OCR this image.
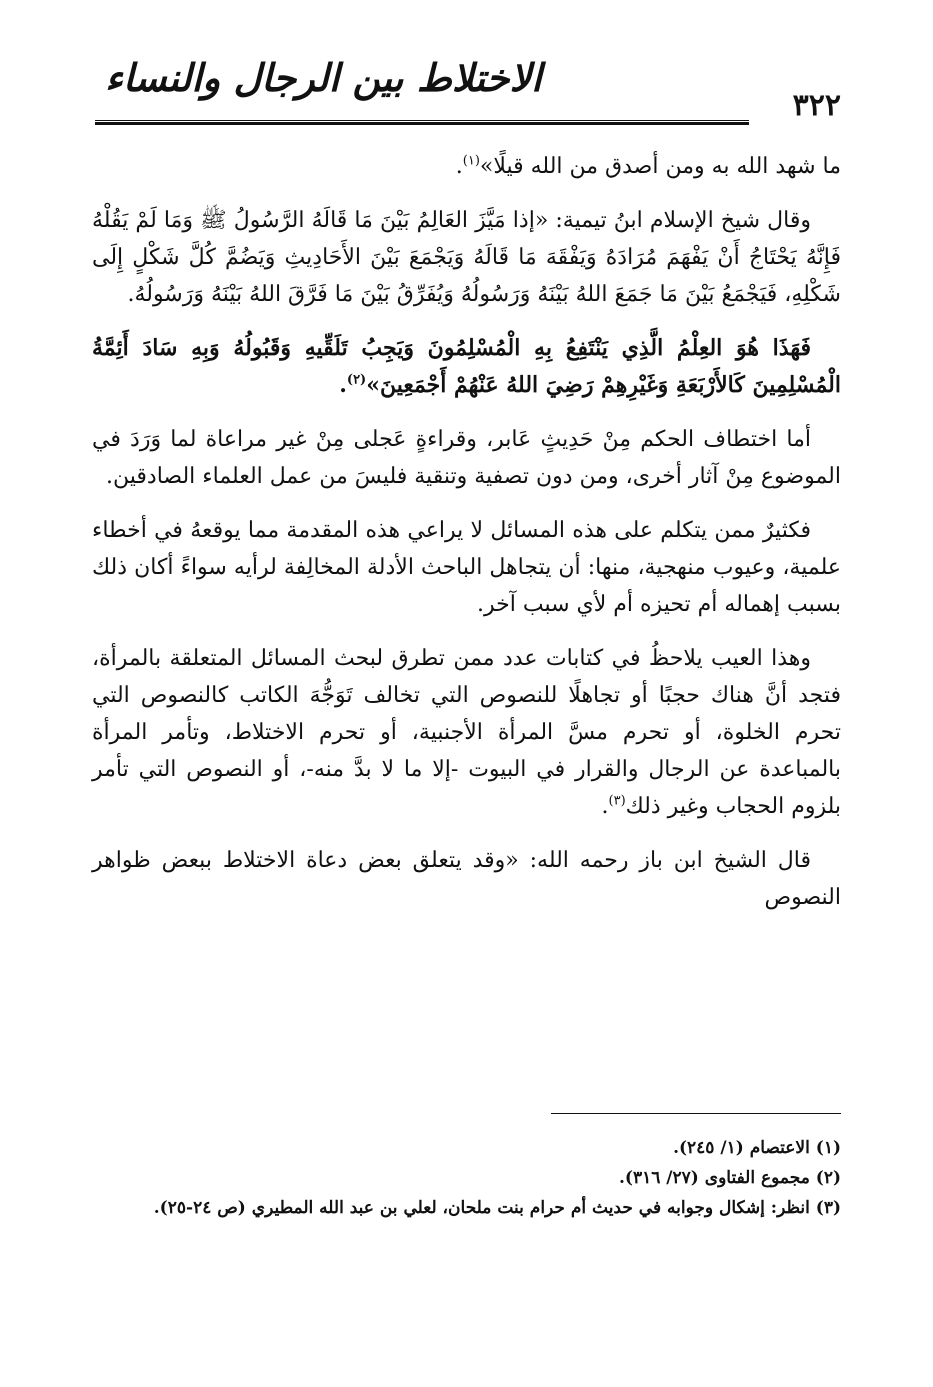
٣٢٢
الاختلاط بين الرجال والنساء

ما شهد الله به ومن أصدق من الله قيلًا»$^{(١)}$.

وقال شيخ الإسلام ابنُ تيمية: «إذا مَيَّزَ العَالِمُ بَيْنَ مَا قَالَهُ الرَّسُولُ ﷺ وَمَا لَمْ يَقُلْهُ فَإِنَّهُ يَحْتَاجُ أَنْ يَفْهَمَ مُرَادَهُ وَيَفْقَهَ مَا قَالَهُ وَيَجْمَعَ بَيْنَ الأَحَادِيثِ وَيَضُمَّ كُلَّ شَكْلٍ إِلَى شَكْلِهِ، فَيَجْمَعُ بَيْنَ مَا جَمَعَ اللهُ بَيْنَهُ وَرَسُولُهُ وَيُفَرِّقُ بَيْنَ مَا فَرَّقَ اللهُ بَيْنَهُ وَرَسُولُهُ.

فَهَذَا هُوَ العِلْمُ الَّذِي يَنْتَفِعُ بِهِ الْمُسْلِمُونَ وَيَجِبُ تَلَقِّيهِ وَقَبُولُهُ وَبِهِ سَادَ أَئِمَّةُ الْمُسْلِمِينَ كَالأَرْبَعَةِ وَغَيْرِهِمْ رَضِيَ اللهُ عَنْهُمْ أَجْمَعِينَ»$^{(٢)}$.

أما اختطاف الحكم مِنْ حَدِيثٍ عَابر، وقراءةٍ عَجلى مِنْ غير مراعاة لما وَرَدَ في الموضوع مِنْ آثار أخرى، ومن دون تصفية وتنقية فليسَ من عمل العلماء الصادقين.

فكثيرٌ ممن يتكلم على هذه المسائل لا يراعي هذه المقدمة مما يوقعهُ في أخطاء علمية، وعيوب منهجية، منها: أن يتجاهل الباحث الأدلة المخالِفة لرأيه سواءً أكان ذلك بسبب إهماله أم تحيزه أم لأي سبب آخر.

وهذا العيب يلاحظُ في كتابات عدد ممن تطرق لبحث المسائل المتعلقة بالمرأة، فتجد أنَّ هناك حجبًا أو تجاهلًا للنصوص التي تخالف تَوَجُّهَ الكاتب كالنصوص التي تحرم الخلوة، أو تحرم مسَّ المرأة الأجنبية، أو تحرم الاختلاط، وتأمر المرأة بالمباعدة عن الرجال والقرار في البيوت -إلا ما لا بدَّ منه-، أو النصوص التي تأمر بلزوم الحجاب وغير ذلك$^{(٣)}$.

قال الشيخ ابن باز رحمه الله: «وقد يتعلق بعض دعاة الاختلاط ببعض ظواهر النصوص

(١) الاعتصام (١/ ٢٤٥).
(٢) مجموع الفتاوى (٢٧/ ٣١٦).
(٣) انظر: إشكال وجوابه في حديث أم حرام بنت ملحان، لعلي بن عبد الله المطيري (ص ٢٤-٢٥).
